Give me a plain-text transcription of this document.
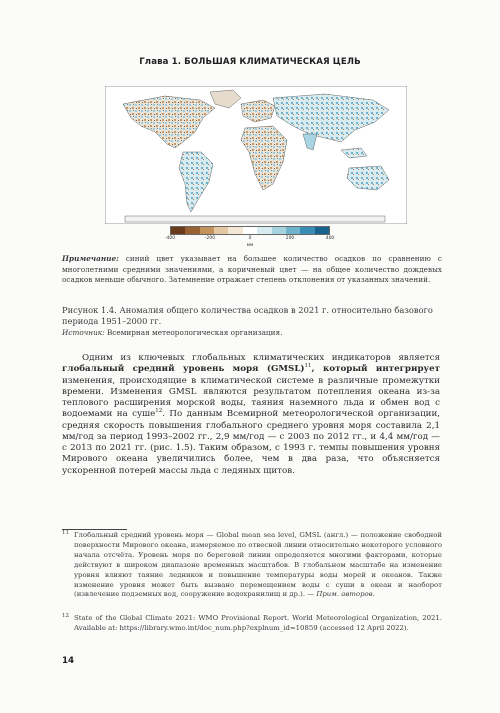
Глава 1. БОЛЬШАЯ КЛИМАТИЧЕСКАЯ ЦЕЛЬ
-400	-200	0	200	400
мм
Примечание: синий цвет указывает на большее количество осадков по сравнению с многолетними средними значениями, а коричневый цвет — на общее количество дождевых осадков меньше обычного. Затемнение отражает степень отклонения от указанных значений.
Рисунок 1.4. Аномалия общего количества осадков в 2021 г. относительно базового периода 1951–2000 гг.
Источник: Всемирная метеорологическая организация.
Одним из ключевых глобальных климатических индикаторов является глобальный средний уровень моря (GMSL)$^{11}$, который интегрирует изменения, происходящие в климатической системе в различные промежутки времени. Изменения GMSL являются результатом потепления океана из-за теплового расширения морской воды, таяния наземного льда и обмен вод с водоемами на суше$^{12}$. По данным Всемирной метеорологической организации, средняя скорость повышения глобального среднего уровня моря составила 2,1 мм/год за период 1993–2002 гг., 2,9 мм/год — с 2003 по 2012 гг., и 4,4 мм/год — с 2013 по 2021 гг. (рис. 1.5). Таким образом, с 1993 г. темпы повышения уровня Мирового океана увеличились более, чем в два раза, что объясняется ускоренной потерей массы льда с ледяных щитов.
11 Глобальный средний уровень моря — Global mean sea level, GMSL (англ.) — положение свободной поверхности Мирового океана, измеряемое по отвесной линии относительно некоторого условного начала отсчёта. Уровень моря по береговой линии определяется многими факторами, которые действуют в широком диапазоне временных масштабов. В глобальном масштабе на изменение уровня влияют таяние ледников и повышение температуры воды морей и океанов. Также изменение уровня может быть вызвано перемещением воды с суши в океан и наоборот (извлечение подземных вод, сооружение водохранилищ и др.). — Прим. авторов.
12 State of the Global Climate 2021: WMO Provisional Report. World Meteorological Organization, 2021. Available at: https://library.wmo.int/doc_num.php?explnum_id=10859 (accessed 12 April 2022).
14
